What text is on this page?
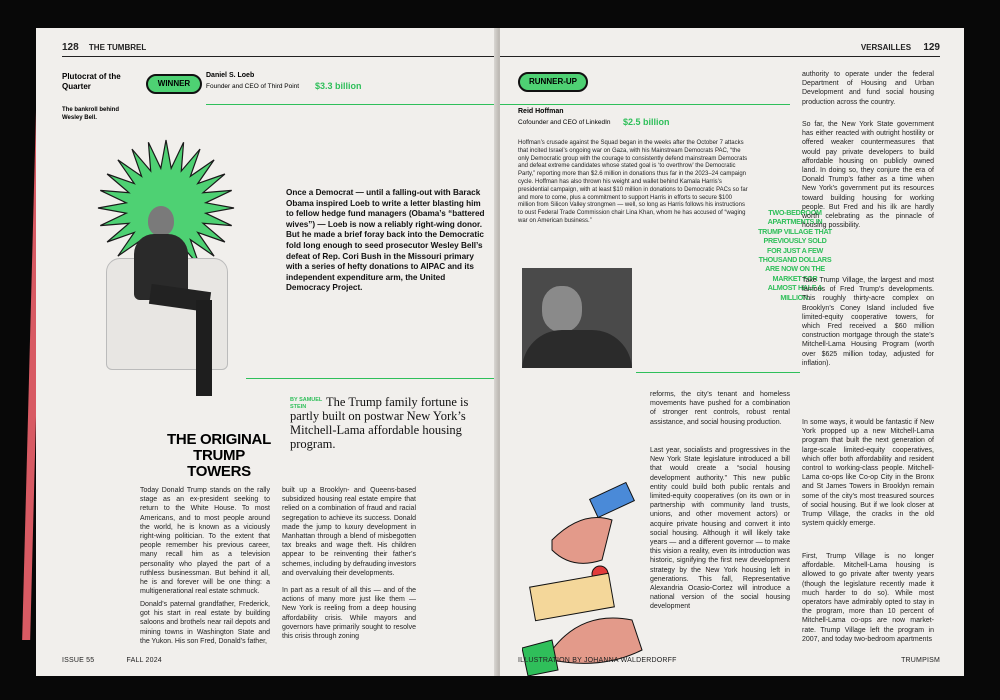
128 THE TUMBREL
Plutocrat of the Quarter
The bankroll behind Wesley Bell.
WINNER
Daniel S. Loeb
Founder and CEO of Third Point $3.3 billion
Once a Democrat — until a falling-out with Barack Obama inspired Loeb to write a letter blasting him to fellow hedge fund managers (Obama’s “battered wives”) — Loeb is now a reliably right-wing donor. But he made a brief foray back into the Democratic fold long enough to seed prosecutor Wesley Bell’s defeat of Rep. Cori Bush in the Missouri primary with a series of hefty donations to AIPAC and its independent expenditure arm, the United Democracy Project.
THE ORIGINAL TRUMP TOWERS
BY SAMUEL STEIN	The Trump family fortune is partly built on postwar New York’s Mitchell-Lama affordable housing program.
Today Donald Trump stands on the rally stage as an ex-president seeking to return to the White House. To most Americans, and to most people around the world, he is known as a viciously right-wing politician. To the extent that people remember his previous career, many recall him as a television personality who played the part of a ruthless businessman. But behind it all, he is and forever will be one thing: a multigenerational real estate schmuck.
Donald’s paternal grandfather, Frederick, got his start in real estate by building saloons and brothels near rail depots and mining towns in Washington State and the Yukon. His son Fred, Donald’s father,
built up a Brooklyn- and Queens-based subsidized housing real estate empire that relied on a combination of fraud and racial segregation to achieve its success. Donald made the jump to luxury development in Manhattan through a blend of misbegotten tax breaks and wage theft. His children appear to be reinventing their father’s schemes, including by defrauding investors and overvaluing their developments.
In part as a result of all this — and of the actions of many more just like them — New York is reeling from a deep housing affordability crisis. While mayors and governors have primarily sought to resolve this crisis through zoning
ISSUE 55	FALL 2024
VERSAILLES 129
RUNNER-UP
Reid Hoffman
Cofounder and CEO of LinkedIn $2.5 billion
Hoffman’s crusade against the Squad began in the weeks after the October 7 attacks that incited Israel’s ongoing war on Gaza, with his Mainstream Democrats PAC, “the only Democratic group with the courage to consistently defend mainstream Democrats and defeat extreme candidates whose stated goal is ‘to overthrow’ the Democratic Party,” reporting more than $2.6 million in donations thus far in the 2023–24 campaign cycle. Hoffman has also thrown his weight and wallet behind Kamala Harris’s presidential campaign, with at least $10 million in donations to Democratic PACs so far and more to come, plus a commitment to support Harris in efforts to secure $100 million from Silicon Valley strongmen — well, so long as Harris follows his instructions to oust Federal Trade Commission chair Lina Khan, whom he has accused of “waging war on American business.”
TWO-BEDROOM APARTMENTS IN TRUMP VILLAGE THAT PREVIOUSLY SOLD FOR JUST A FEW THOUSAND DOLLARS ARE NOW ON THE MARKET FOR ALMOST HALF A MILLION.
reforms, the city’s tenant and homeless movements have pushed for a combination of stronger rent controls, robust rental assistance, and social housing production.
Last year, socialists and progressives in the New York State legislature introduced a bill that would create a “social housing development authority.” This new public entity could build both public rentals and limited-equity cooperatives (on its own or in partnership with community land trusts, unions, and other movement actors) or acquire private housing and convert it into social housing. Although it will likely take years — and a different governor — to make this vision a reality, even its introduction was historic, signifying the first new development strategy by the New York housing left in generations. This fall, Representative Alexandria Ocasio-Cortez will introduce a national version of the social housing development
authority to operate under the federal Department of Housing and Urban Development and fund social housing production across the country.
So far, the New York State government has either reacted with outright hostility or offered weaker countermeasures that would pay private developers to build affordable housing on publicly owned land. In doing so, they conjure the era of Donald Trump’s father as a time when New York’s government put its resources toward building housing for working people. But Fred and his ilk are hardly worth celebrating as the pinnacle of housing possibility.
Take Trump Village, the largest and most famous of Fred Trump’s developments. This roughly thirty-acre complex on Brooklyn’s Coney Island included five limited-equity cooperative towers, for which Fred received a $60 million construction mortgage through the state’s Mitchell-Lama Housing Program (worth over $625 million today, adjusted for inflation).
In some ways, it would be fantastic if New York propped up a new Mitchell-Lama program that built the next generation of large-scale limited-equity cooperatives, which offer both affordability and resident control to working-class people. Mitchell-Lama co-ops like Co-op City in the Bronx and St James Towers in Brooklyn remain some of the city’s most treasured sources of social housing. But if we look closer at Trump Village, the cracks in the old system quickly emerge.
First, Trump Village is no longer affordable. Mitchell-Lama housing is allowed to go private after twenty years (though the legislature recently made it much harder to do so). While most operators have admirably opted to stay in the program, more than 10 percent of Mitchell-Lama co-ops are now market-rate. Trump Village left the program in 2007, and today two-bedroom apartments
ILLUSTRATION BY JOHANNA WALDERDORFF	TRUMPISM
